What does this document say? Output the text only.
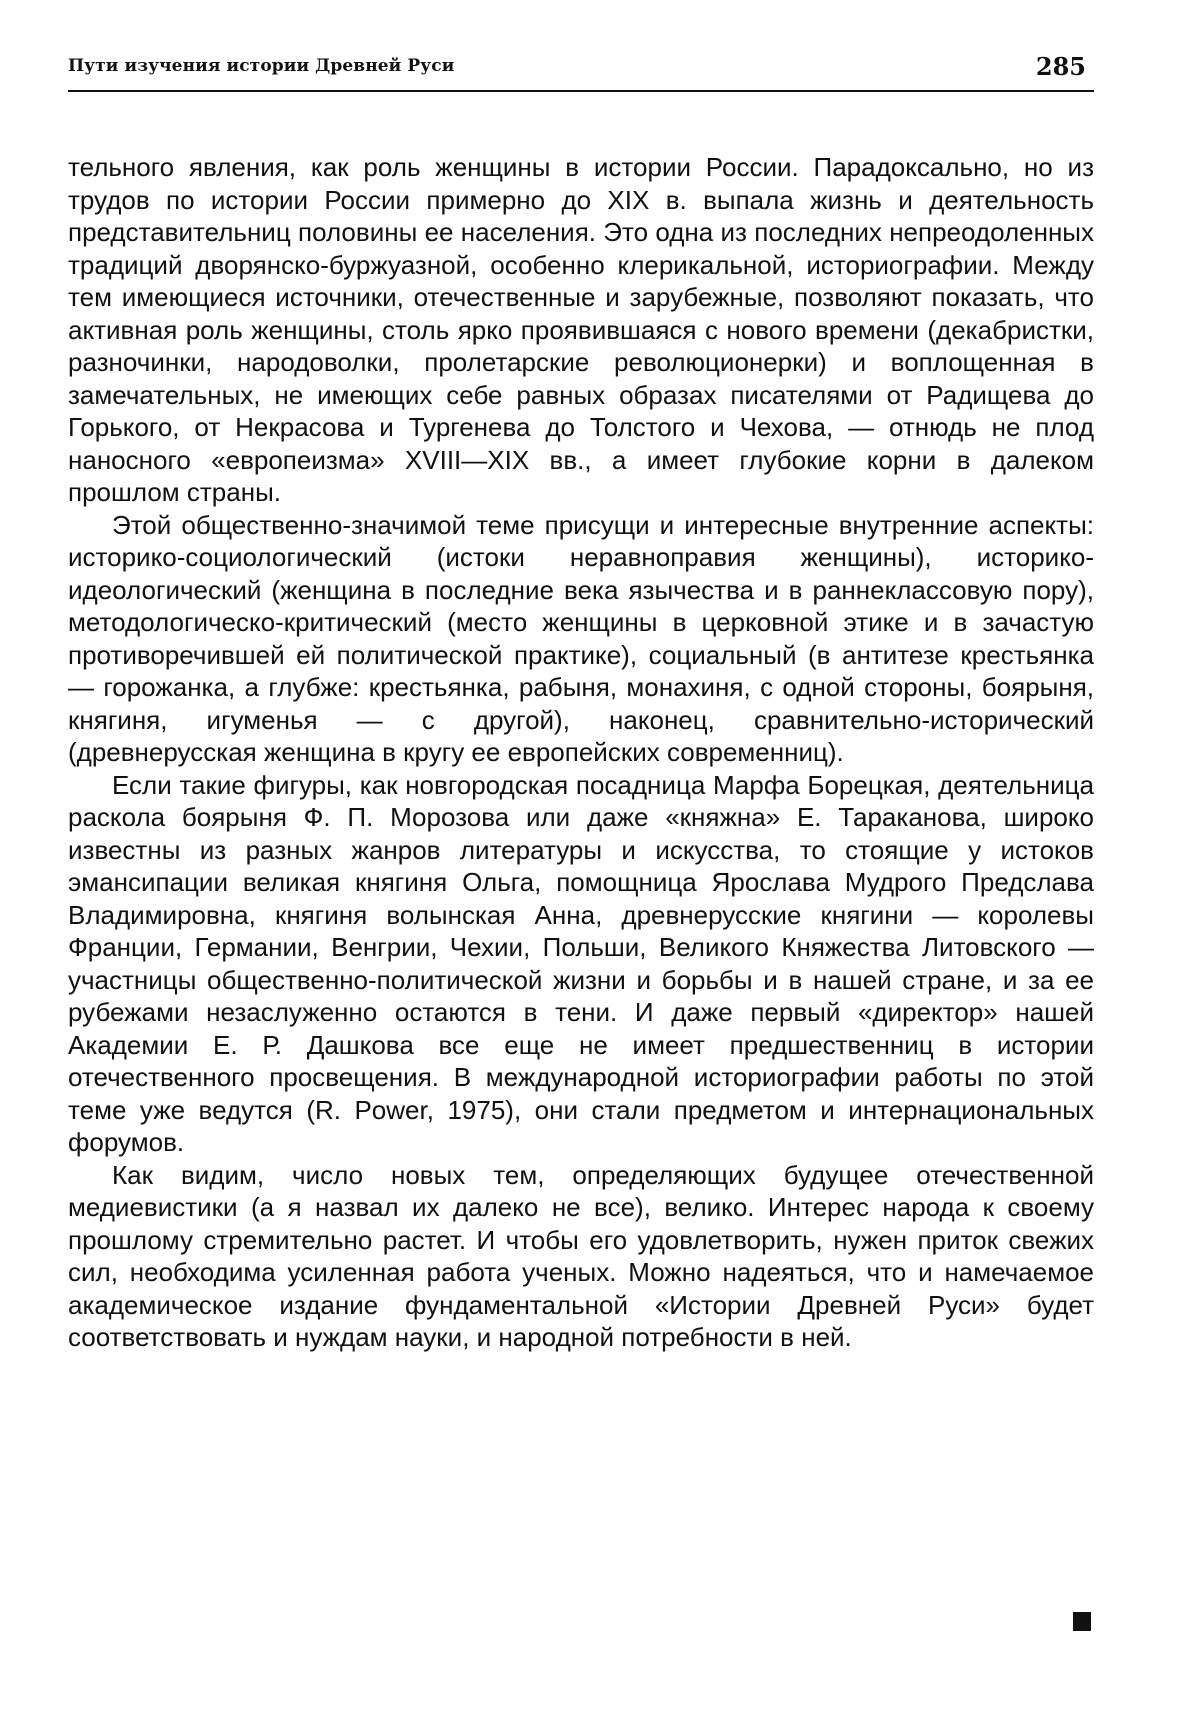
Пути изучения истории Древней Руси	285

тельного явления, как роль женщины в истории России. Парадоксально, но из трудов по истории России примерно до XIX в. выпала жизнь и деятельность представительниц половины ее населения. Это одна из последних непреодоленных традиций дворянско-буржуазной, особенно клерикальной, историографии. Между тем имеющиеся источники, отечественные и зарубежные, позволяют показать, что активная роль женщины, столь ярко проявившаяся с нового времени (декабристки, разночинки, народоволки, пролетарские революционерки) и воплощенная в замечательных, не имеющих себе равных образах писателями от Радищева до Горького, от Некрасова и Тургенева до Толстого и Чехова, — отнюдь не плод наносного «европеизма» XVIII—XIX вв., а имеет глубокие корни в далеком прошлом страны.

Этой общественно-значимой теме присущи и интересные внутренние аспекты: историко-социологический (истоки неравноправия женщины), историко-идеологический (женщина в последние века язычества и в раннеклассовую пору), методологическо-критический (место женщины в церковной этике и в зачастую противоречившей ей политической практике), социальный (в антитезе крестьянка — горожанка, а глубже: крестьянка, рабыня, монахиня, с одной стороны, боярыня, княгиня, игуменья — с другой), наконец, сравнительно-исторический (древнерусская женщина в кругу ее европейских современниц).

Если такие фигуры, как новгородская посадница Марфа Борецкая, деятельница раскола боярыня Ф. П. Морозова или даже «княжна» Е. Тараканова, широко известны из разных жанров литературы и искусства, то стоящие у истоков эмансипации великая княгиня Ольга, помощница Ярослава Мудрого Предслава Владимировна, княгиня волынская Анна, древнерусские княгини — королевы Франции, Германии, Венгрии, Чехии, Польши, Великого Княжества Литовского — участницы общественно-политической жизни и борьбы и в нашей стране, и за ее рубежами незаслуженно остаются в тени. И даже первый «директор» нашей Академии Е. Р. Дашкова все еще не имеет предшественниц в истории отечественного просвещения. В международной историографии работы по этой теме уже ведутся (R. Power, 1975), они стали предметом и интернациональных форумов.

Как видим, число новых тем, определяющих будущее отечественной медиевистики (а я назвал их далеко не все), велико. Интерес народа к своему прошлому стремительно растет. И чтобы его удовлетворить, нужен приток свежих сил, необходима усиленная работа ученых. Можно надеяться, что и намечаемое академическое издание фундаментальной «Истории Древней Руси» будет соответствовать и нуждам науки, и народной потребности в ней.
